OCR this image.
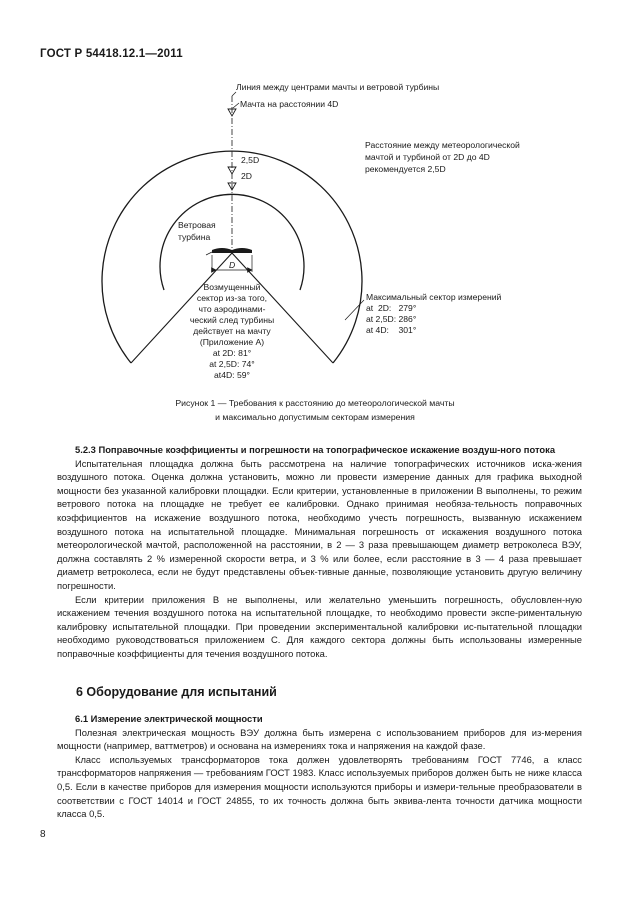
ГОСТ Р 54418.12.1—2011
Линия между центрами мачты и ветровой турбины
Мачта на расстоянии 4D
2,5D
2D
Расстояние между метеорологической
мачтой и турбиной от 2D до 4D
рекомендуется 2,5D
Ветровая
турбина
D
Возмущенный
сектор из-за того,
что аэродинами-
ческий след турбины
действует на мачту
(Приложение А)
at 2D: 81°
at 2,5D: 74°
at4D: 59°
Максимальный сектор измерений
at  2D:   279°
at 2,5D: 286°
at 4D:    301°
Рисунок 1 — Требования к расстоянию до метеорологической мачты
и максимально допустимым секторам измерения

5.2.3 Поправочные коэффициенты и погрешности на топографическое искажение воздуш-ного потока

Испытательная площадка должна быть рассмотрена на наличие топографических источников иска-жения воздушного потока. Оценка должна установить, можно ли провести измерение данных для графика выходной мощности без указанной калибровки площадки. Если критерии, установленные в приложении В выполнены, то режим ветрового потока на площадке не требует ее калибровки. Однако принимая необяза-тельность поправочных коэффициентов на искажение воздушного потока, необходимо учесть погрешность, вызванную искажением воздушного потока на испытательной площадке. Минимальная погрешность от искажения воздушного потока метеорологической мачтой, расположенной на расстоянии, в 2 — 3 раза превышающем диаметр ветроколеса ВЭУ, должна составлять 2 % измеренной скорости ветра, и 3 % или более, если расстояние в 3 — 4 раза превышает диаметр ветроколеса, если не будут представлены объек-тивные данные, позволяющие установить другую величину погрешности.

Если критерии приложения В не выполнены, или желательно уменьшить погрешность, обусловлен-ную искажением течения воздушного потока на испытательной площадке, то необходимо провести экспе-риментальную калибровку испытательной площадки. При проведении экспериментальной калибровки ис-пытательной площадки необходимо руководствоваться приложением С. Для каждого сектора должны быть использованы измеренные поправочные коэффициенты для течения воздушного потока.

6 Оборудование для испытаний

6.1 Измерение электрической мощности

Полезная электрическая мощность ВЭУ должна быть измерена с использованием приборов для из-мерения мощности (например, ваттметров) и основана на измерениях тока и напряжения на каждой фазе.

Класс используемых трансформаторов тока должен удовлетворять требованиям ГОСТ 7746, а класс трансформаторов напряжения — требованиям ГОСТ 1983. Класс используемых приборов должен быть не ниже класса 0,5. Если в качестве приборов для измерения мощности используются приборы и измери-тельные преобразователи в соответствии с ГОСТ 14014 и ГОСТ 24855, то их точность должна быть эквива-лента точности датчика мощности класса 0,5.

8
